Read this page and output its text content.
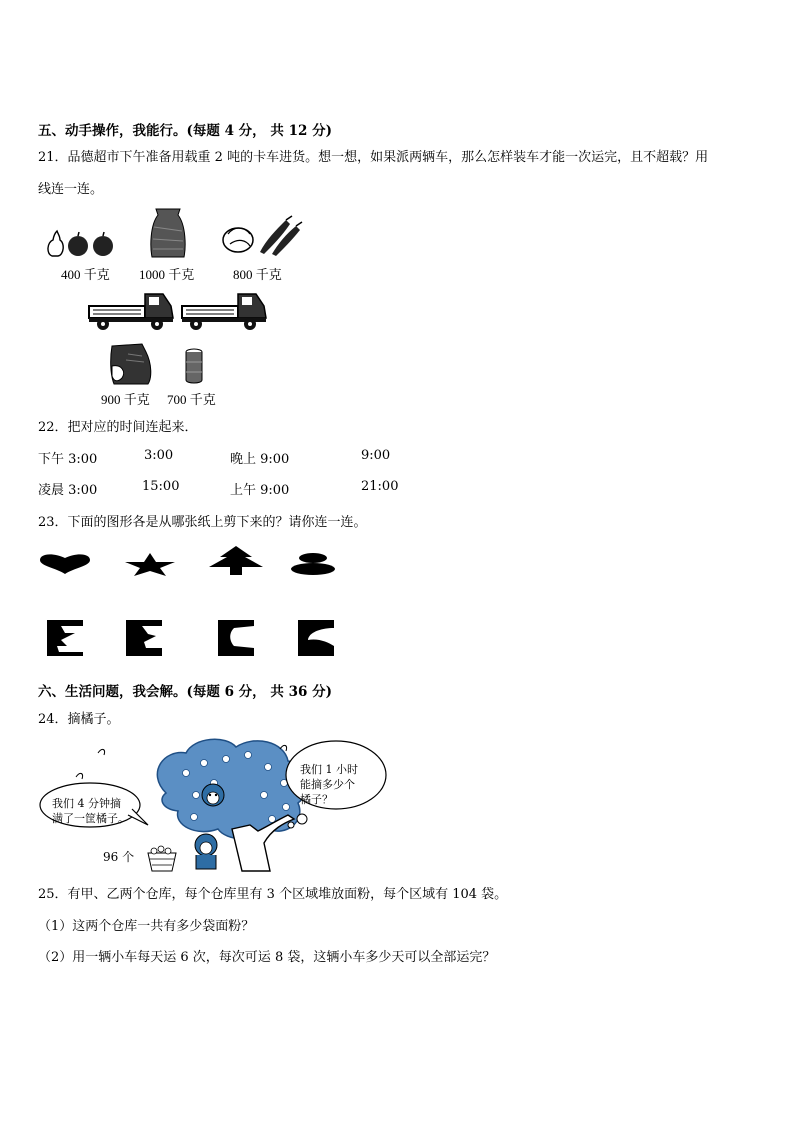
五、动手操作，我能行。(每题 4 分， 共 12 分)
21．品德超市下午准备用载重 2 吨的卡车进货。想一想，如果派两辆车，那么怎样装车才能一次运完，且不超载？用
线连一连。
400 千克 1000 千克	800 千克
900 千克 700 千克
22．把对应的时间连起来．
下午 3:00	3:00	晚上 9:00	9:00
凌晨 3:00	15:00	上午 9:00	21:00
23．下面的图形各是从哪张纸上剪下来的？请你连一连。
六、生活问题，我会解。(每题 6 分， 共 36 分)
24．摘橘子。
我们 4 分钟摘
满了一筐橘子。
我们 1 小时
能摘多少个
橘子？
96 个
25．有甲、乙两个仓库，每个仓库里有 3 个区域堆放面粉，每个区域有 104 袋。
（1）这两个仓库一共有多少袋面粉？
（2）用一辆小车每天运 6 次，每次可运 8 袋，这辆小车多少天可以全部运完？
